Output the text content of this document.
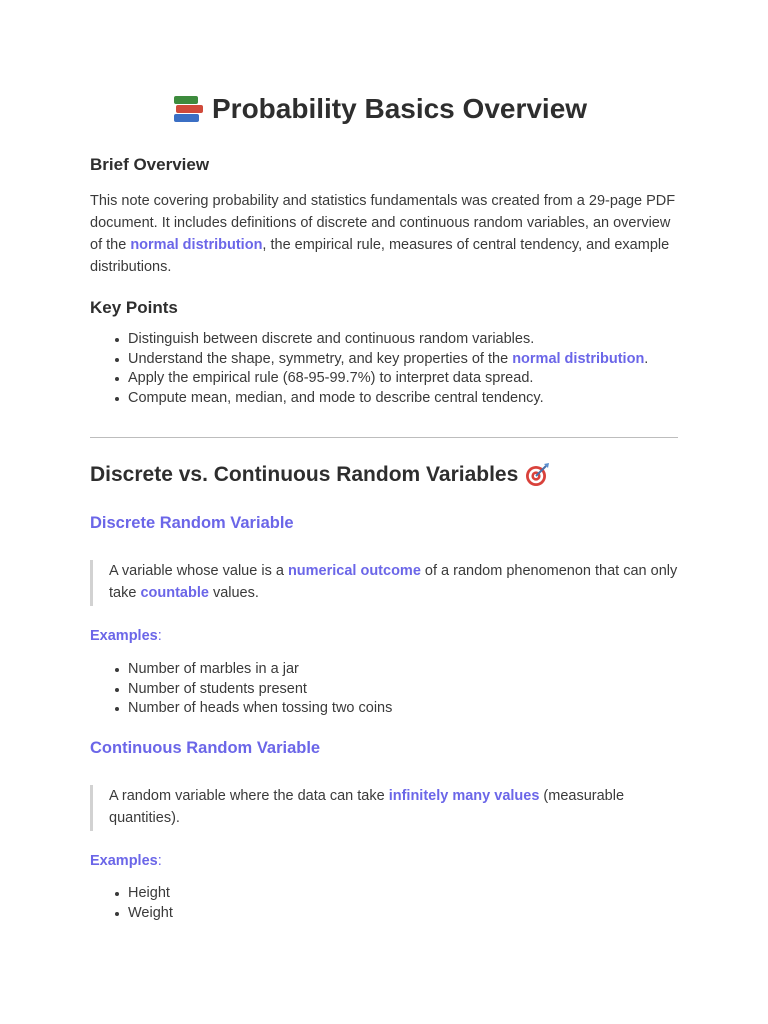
Probability Basics Overview
Brief Overview

This note covering probability and statistics fundamentals was created from a 29-page PDF document. It includes definitions of discrete and continuous random variables, an overview of the normal distribution, the empirical rule, measures of central tendency, and example distributions.

Key Points
Distinguish between discrete and continuous random variables.
Understand the shape, symmetry, and key properties of the normal distribution.
Apply the empirical rule (68-95-99.7%) to interpret data spread.
Compute mean, median, and mode to describe central tendency.
Discrete vs. Continuous Random Variables
Discrete Random Variable

A variable whose value is a numerical outcome of a random phenomenon that can only take countable values.

Examples:

Number of marbles in a jar
Number of students present
Number of heads when tossing two coins
Continuous Random Variable

A random variable where the data can take infinitely many values (measurable quantities).

Examples:

Height
Weight
